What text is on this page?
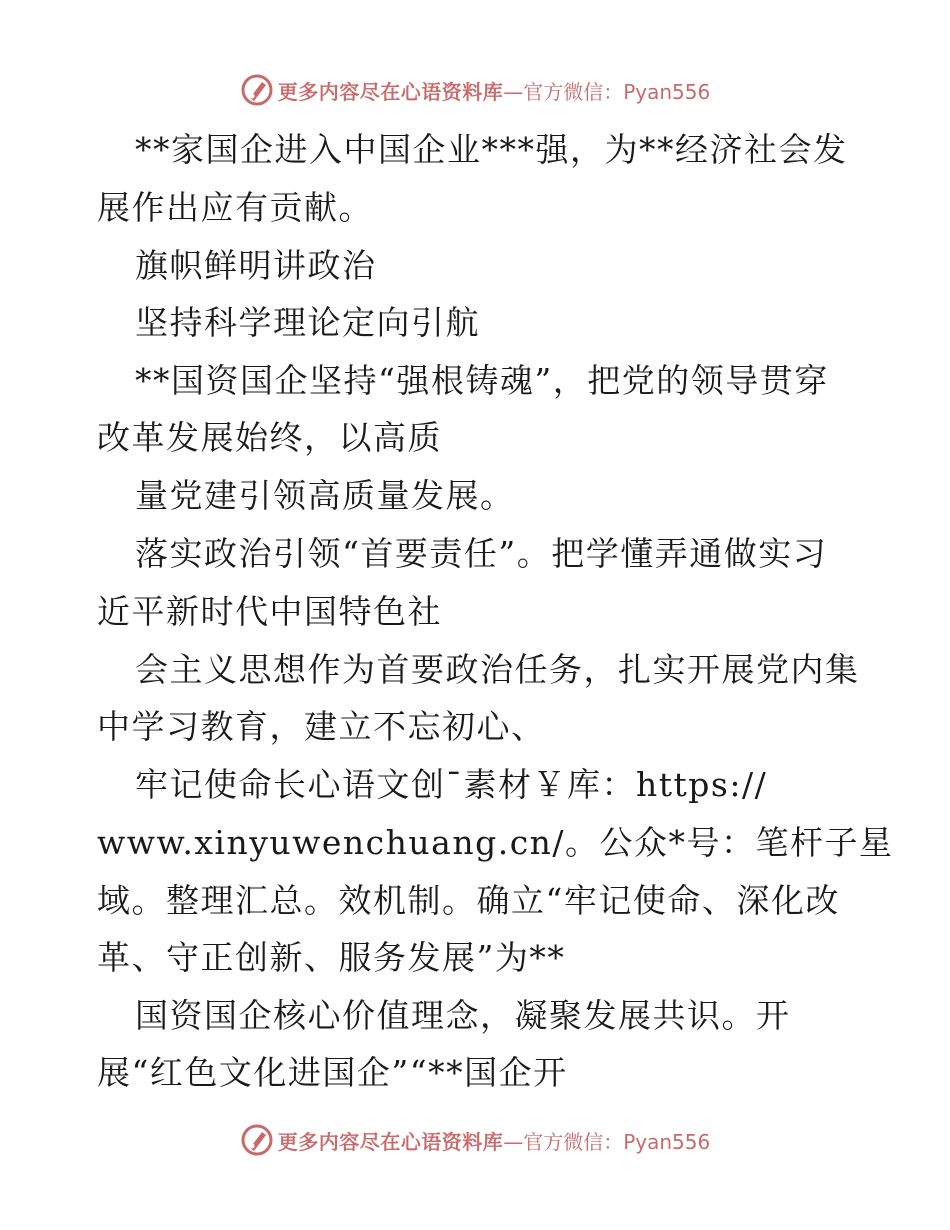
更多内容尽在心语资料库 —官方微信：Pyan556
**家国企进入中国企业***强，为**经济社会发
展作出应有贡献。
旗帜鲜明讲政治
坚持科学理论定向引航
**国资国企坚持“强根铸魂”，把党的领导贯穿
改革发展始终，以高质
量党建引领高质量发展。
落实政治引领“首要责任”。把学懂弄通做实习
近平新时代中国特色社
会主义思想作为首要政治任务，扎实开展党内集
中学习教育，建立不忘初心、
牢记使命长心语文创¯素材￥库：https://
www.xinyuwenchuang.cn/。公众*号：笔杆子星
域。整理汇总。效机制。确立“牢记使命、深化改
革、守正创新、服务发展”为**
国资国企核心价值理念，凝聚发展共识。开
展“红色文化进国企”“**国企开
更多内容尽在心语资料库 —官方微信：Pyan556
